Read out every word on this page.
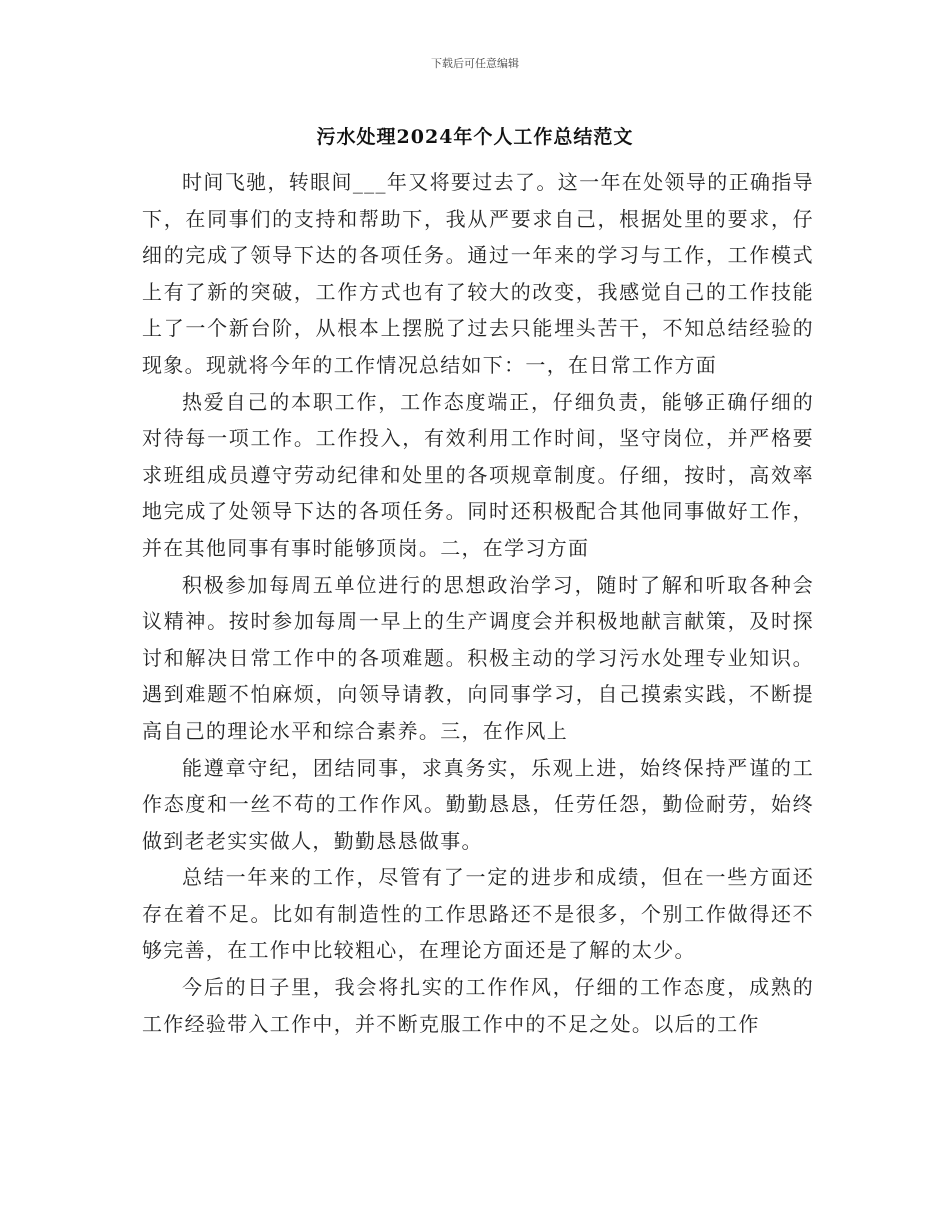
下载后可任意编辑
污水处理2024年个人工作总结范文

时间飞驰，转眼间___年又将要过去了。这一年在处领导的正确指导下，在同事们的支持和帮助下，我从严要求自己，根据处里的要求，仔细的完成了领导下达的各项任务。通过一年来的学习与工作，工作模式上有了新的突破，工作方式也有了较大的改变，我感觉自己的工作技能上了一个新台阶，从根本上摆脱了过去只能埋头苦干，不知总结经验的现象。现就将今年的工作情况总结如下：一，在日常工作方面

热爱自己的本职工作，工作态度端正，仔细负责，能够正确仔细的对待每一项工作。工作投入，有效利用工作时间，坚守岗位，并严格要求班组成员遵守劳动纪律和处里的各项规章制度。仔细，按时，高效率地完成了处领导下达的各项任务。同时还积极配合其他同事做好工作，并在其他同事有事时能够顶岗。二，在学习方面

积极参加每周五单位进行的思想政治学习，随时了解和听取各种会议精神。按时参加每周一早上的生产调度会并积极地献言献策，及时探讨和解决日常工作中的各项难题。积极主动的学习污水处理专业知识。遇到难题不怕麻烦，向领导请教，向同事学习，自己摸索实践，不断提高自己的理论水平和综合素养。三，在作风上

能遵章守纪，团结同事，求真务实，乐观上进，始终保持严谨的工作态度和一丝不苟的工作作风。勤勤恳恳，任劳任怨，勤俭耐劳，始终做到老老实实做人，勤勤恳恳做事。

总结一年来的工作，尽管有了一定的进步和成绩，但在一些方面还存在着不足。比如有制造性的工作思路还不是很多，个别工作做得还不够完善，在工作中比较粗心，在理论方面还是了解的太少。

今后的日子里，我会将扎实的工作作风，仔细的工作态度，成熟的工作经验带入工作中，并不断克服工作中的不足之处。以后的工作
